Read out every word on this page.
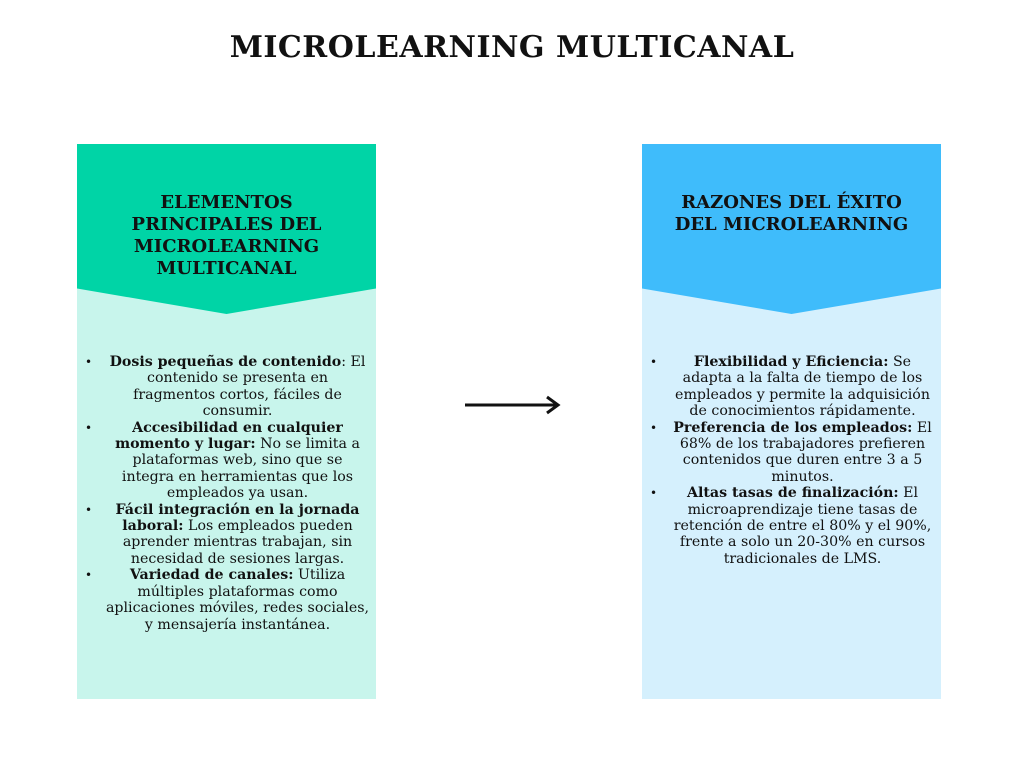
MICROLEARNING MULTICANAL
ELEMENTOS PRINCIPALES DEL MICROLEARNING MULTICANAL
• Dosis pequeñas de contenido: El contenido se presenta en fragmentos cortos, fáciles de consumir.
•	Accesibilidad en cualquier momento y lugar: No se limita a plataformas web, sino que se integra en herramientas que los empleados ya usan.
• Fácil integración en la jornada laboral: Los empleados pueden aprender mientras trabajan, sin necesidad de sesiones largas.
•	Variedad de canales: Utiliza múltiples plataformas como aplicaciones móviles, redes sociales, y mensajería instantánea.
RAZONES DEL ÉXITO DEL MICROLEARNING
•	Flexibilidad y Eficiencia: Se adapta a la falta de tiempo de los empleados y permite la adquisición de conocimientos rápidamente.
• Preferencia de los empleados: El 68% de los trabajadores prefieren contenidos que duren entre 3 a 5 minutos.
• Altas tasas de finalización: El microaprendizaje tiene tasas de retención de entre el 80% y el 90%, frente a solo un 20-30% en cursos tradicionales de LMS.
